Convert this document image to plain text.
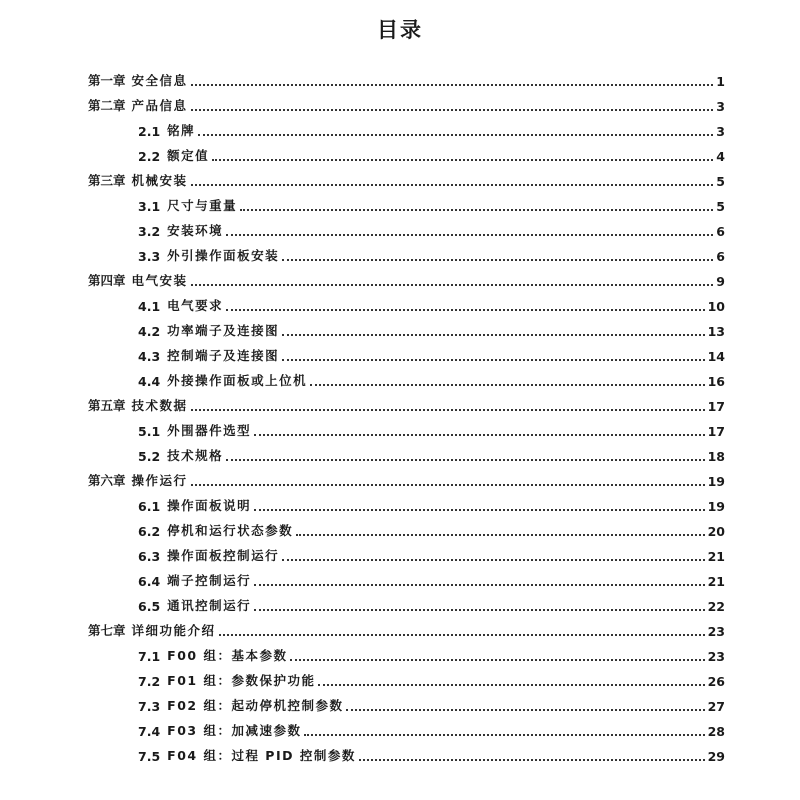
目录
第一章 安全信息	1
第二章 产品信息	3
2.1 铭牌	3
2.2 额定值	4
第三章 机械安装	5
3.1 尺寸与重量	5
3.2 安装环境	6
3.3 外引操作面板安装	6
第四章 电气安装	9
4.1 电气要求	10
4.2 功率端子及连接图	13
4.3 控制端子及连接图	14
4.4 外接操作面板或上位机	16
第五章 技术数据	17
5.1 外围器件选型	17
5.2 技术规格	18
第六章 操作运行	19
6.1 操作面板说明	19
6.2 停机和运行状态参数	20
6.3 操作面板控制运行	21
6.4 端子控制运行	21
6.5 通讯控制运行	22
第七章 详细功能介绍	23
7.1 F00 组：基本参数	23
7.2 F01 组：参数保护功能	26
7.3 F02 组：起动停机控制参数	27
7.4 F03 组：加减速参数	28
7.5 F04 组：过程 PID 控制参数	29
